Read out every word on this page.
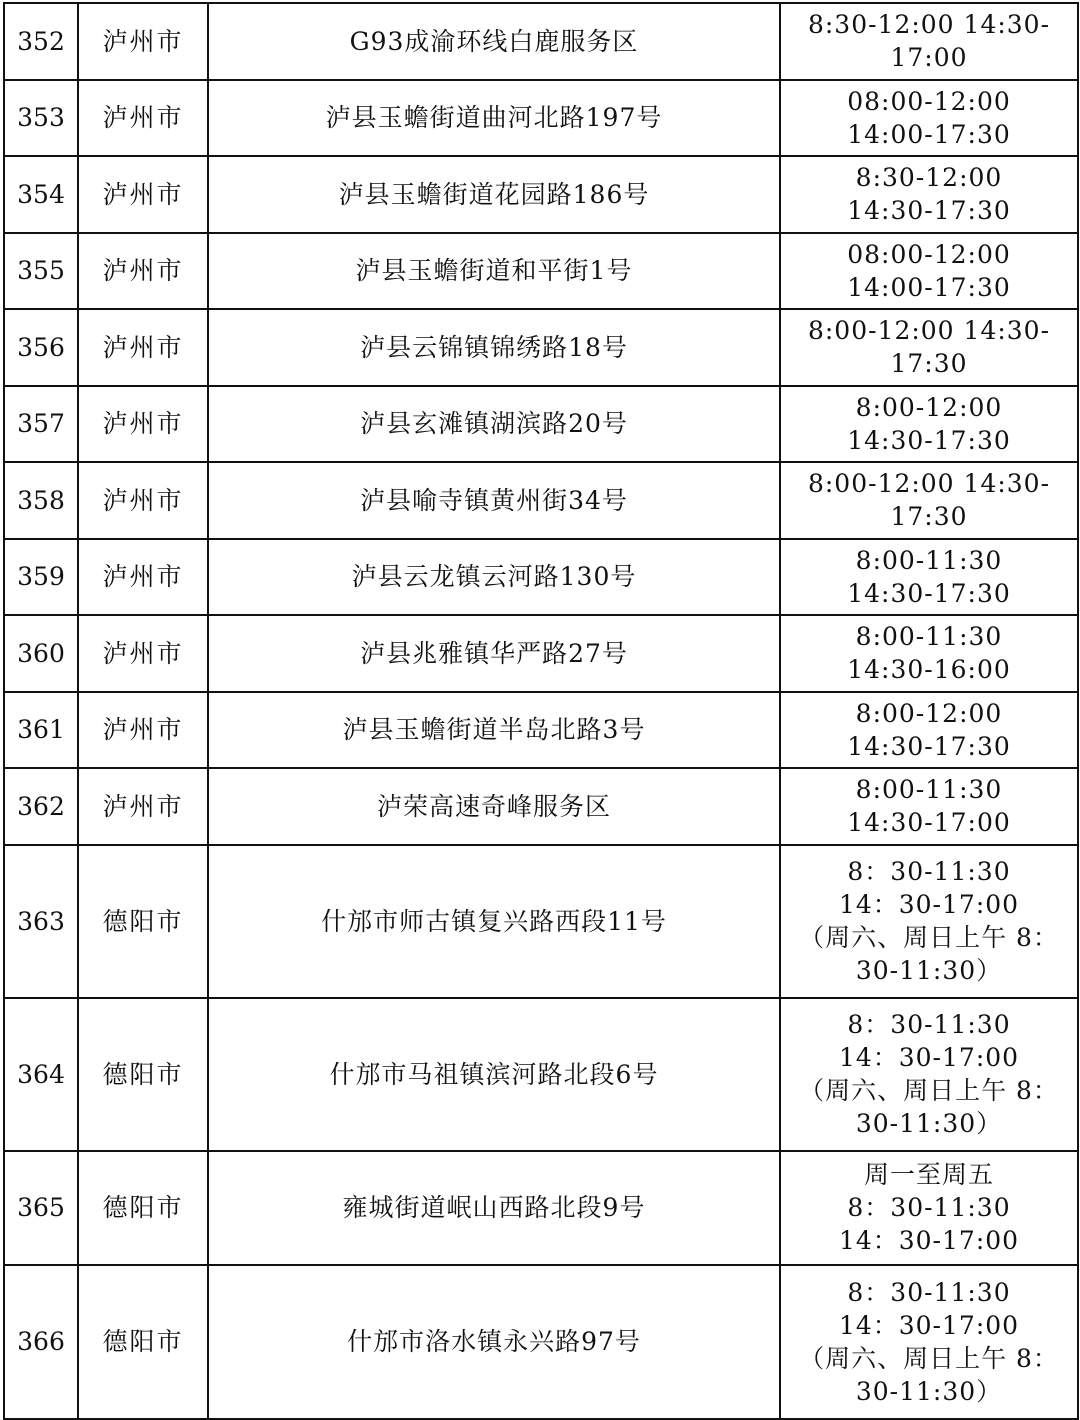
352	泸州市	G93成渝环线白鹿服务区	8:30-12:00 14:30-
17:00
353	泸州市	泸县玉蟾街道曲河北路197号	08:00-12:00
14:00-17:30
354	泸州市	泸县玉蟾街道花园路186号	8:30-12:00
14:30-17:30
355	泸州市	泸县玉蟾街道和平街1号	08:00-12:00
14:00-17:30
356	泸州市	泸县云锦镇锦绣路18号	8:00-12:00 14:30-
17:30
357	泸州市	泸县玄滩镇湖滨路20号	8:00-12:00
14:30-17:30
358	泸州市	泸县喻寺镇黄州街34号	8:00-12:00 14:30-
17:30
359	泸州市	泸县云龙镇云河路130号	8:00-11:30
14:30-17:30
360	泸州市	泸县兆雅镇华严路27号	8:00-11:30
14:30-16:00
361	泸州市	泸县玉蟾街道半岛北路3号	8:00-12:00
14:30-17:30
362	泸州市	泸荣高速奇峰服务区	8:00-11:30
14:30-17:00
363	德阳市	什邡市师古镇复兴路西段11号	8：30-11:30
14：30-17:00
（周六、周日上午 8：
30-11:30）
364	德阳市	什邡市马祖镇滨河路北段6号	8：30-11:30
14：30-17:00
（周六、周日上午 8：
30-11:30）
365	德阳市	雍城街道岷山西路北段9号	周一至周五
8：30-11:30
14：30-17:00
366	德阳市	什邡市洛水镇永兴路97号	8：30-11:30
14：30-17:00
（周六、周日上午 8：
30-11:30）
